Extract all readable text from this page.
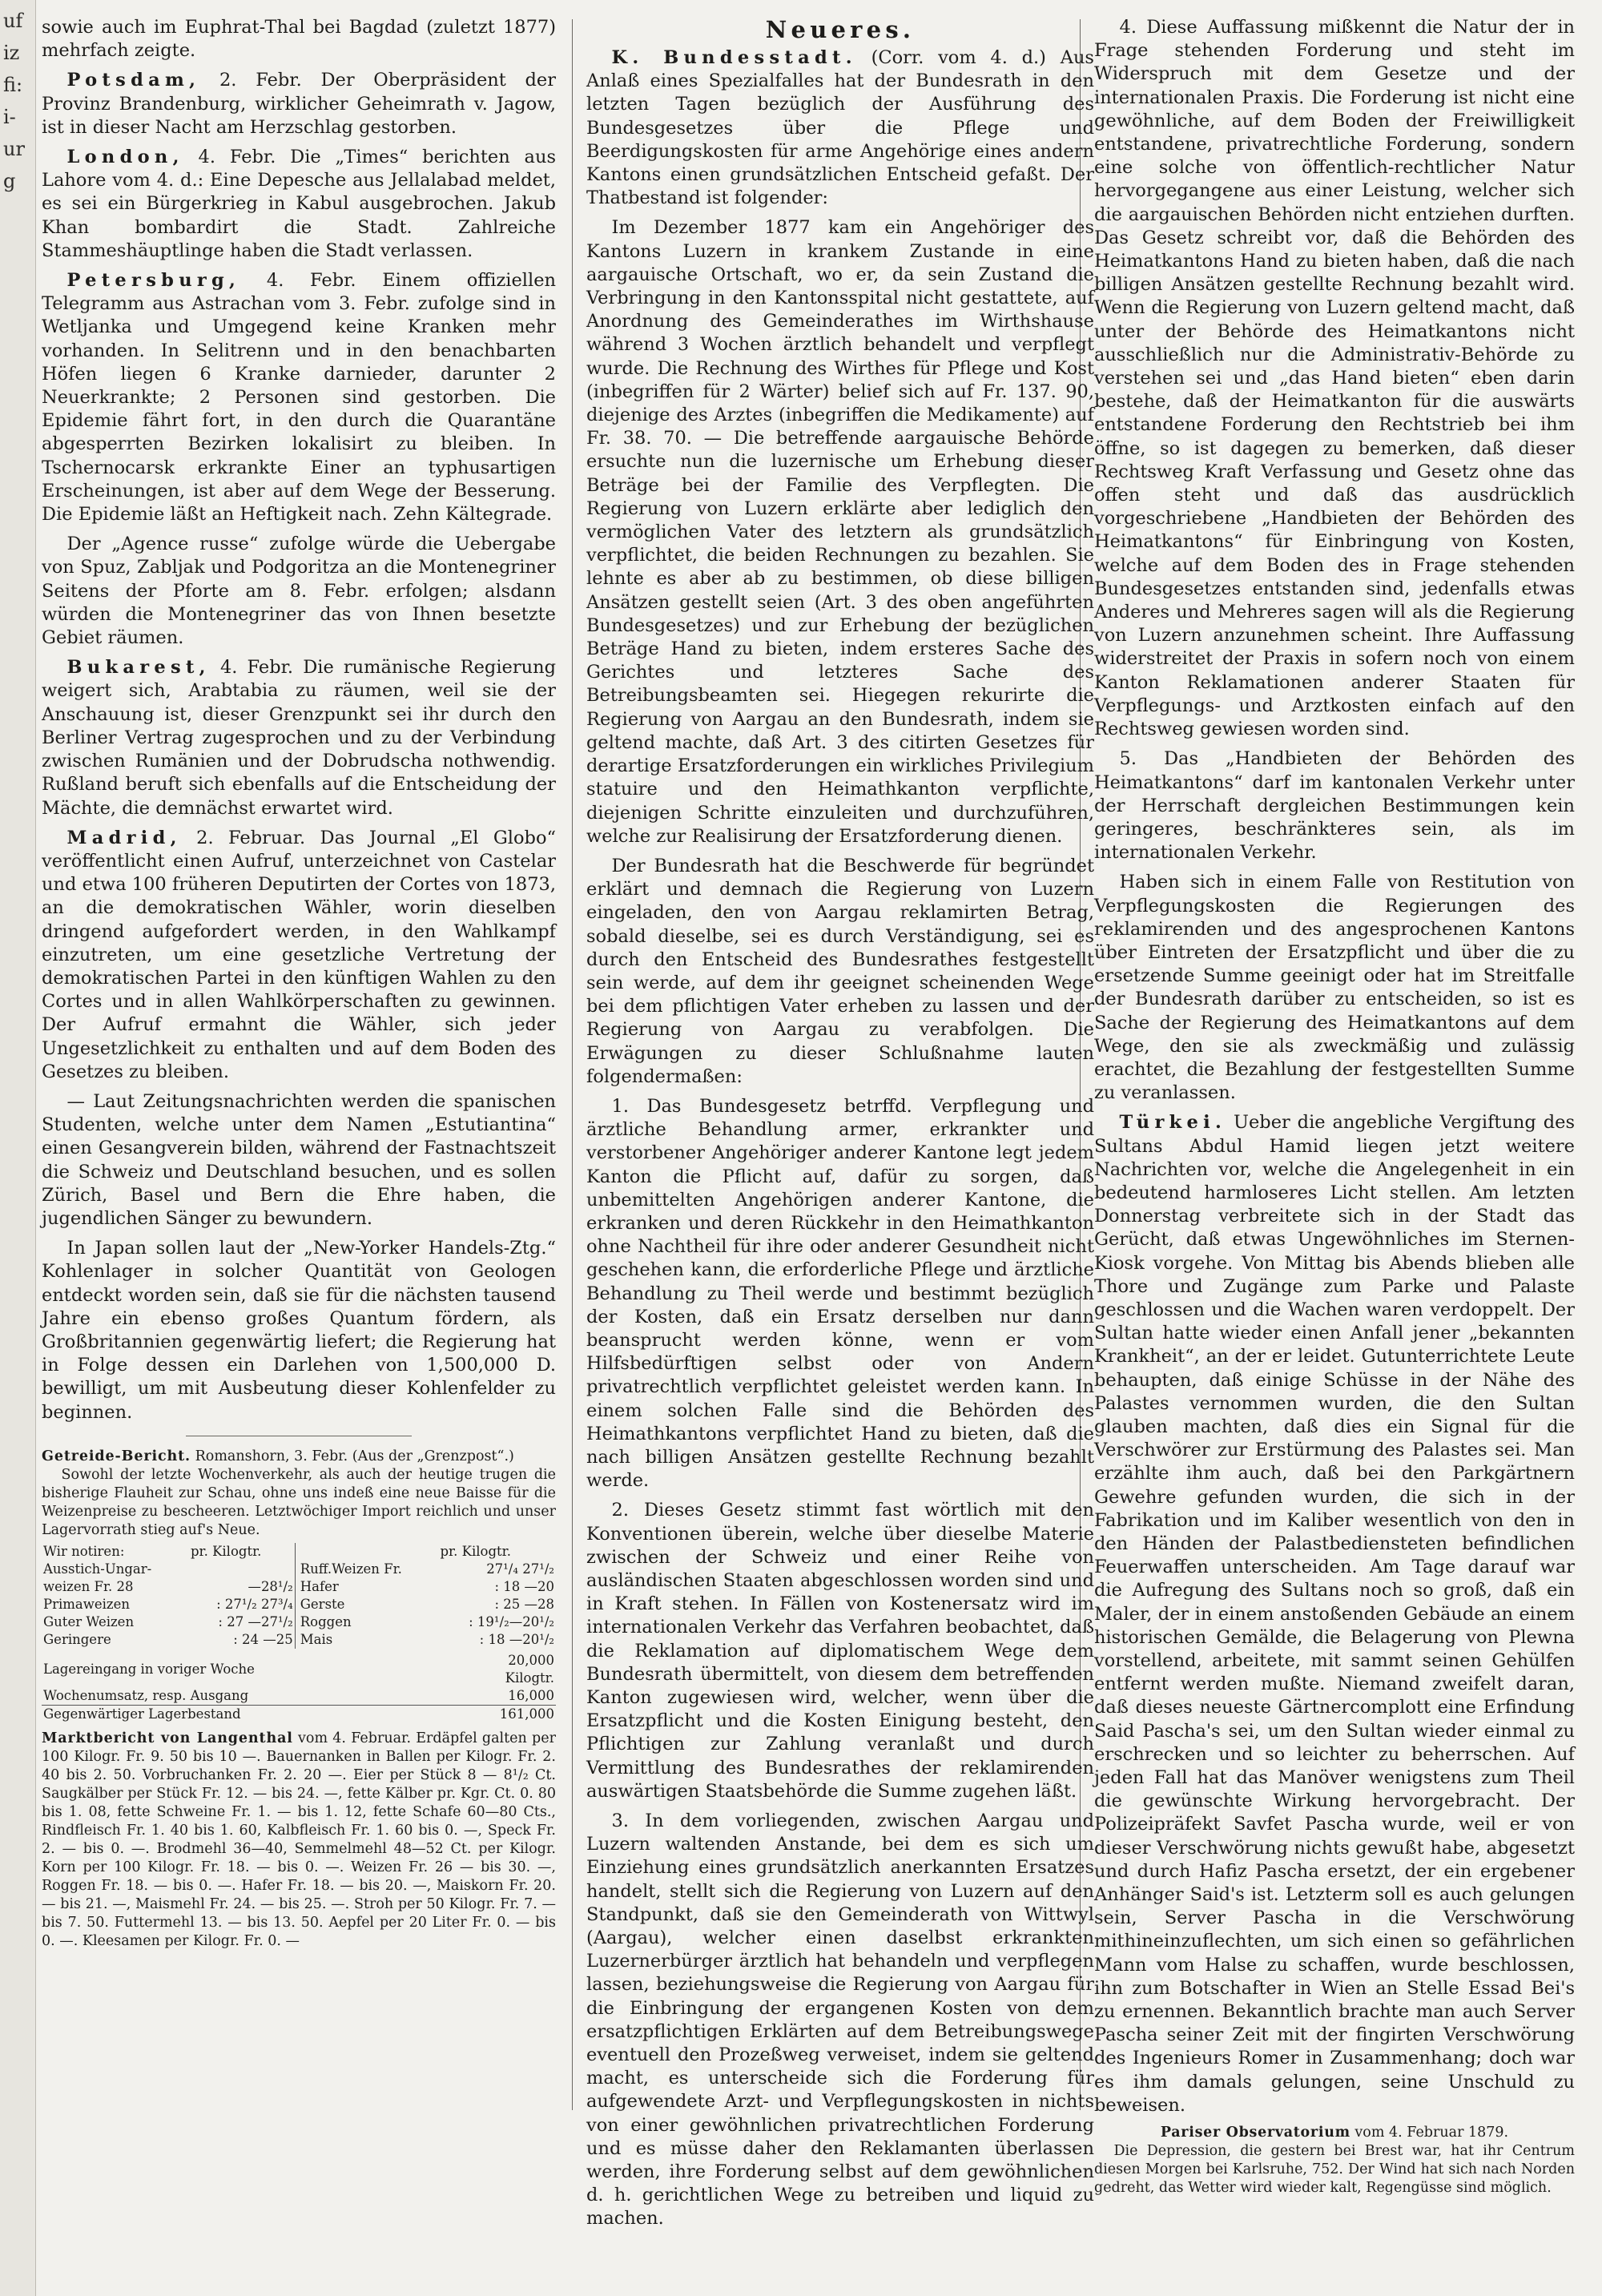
uf
iz
fi:
i-
ur
g

sowie auch im Euphrat-Thal bei Bagdad (zuletzt 1877) mehrfach zeigte.

Potsdam, 2. Febr. Der Oberpräsident der Provinz Brandenburg, wirklicher Geheimrath v. Jagow, ist in dieser Nacht am Herzschlag gestorben.

London, 4. Febr. Die „Times“ berichten aus Lahore vom 4. d.: Eine Depesche aus Jellalabad meldet, es sei ein Bürgerkrieg in Kabul ausgebrochen. Jakub Khan bombardirt die Stadt. Zahlreiche Stammeshäuptlinge haben die Stadt verlassen.

Petersburg, 4. Febr. Einem offiziellen Telegramm aus Astrachan vom 3. Febr. zufolge sind in Wetljanka und Umgegend keine Kranken mehr vorhanden. In Selitrenn und in den benachbarten Höfen liegen 6 Kranke darnieder, darunter 2 Neuerkrankte; 2 Personen sind gestorben. Die Epidemie fährt fort, in den durch die Quarantäne abgesperrten Bezirken lokalisirt zu bleiben. In Tschernocarsk erkrankte Einer an typhusartigen Erscheinungen, ist aber auf dem Wege der Besserung. Die Epidemie läßt an Heftigkeit nach. Zehn Kältegrade.

Der „Agence russe“ zufolge würde die Uebergabe von Spuz, Zabljak und Podgoritza an die Montenegriner Seitens der Pforte am 8. Febr. erfolgen; alsdann würden die Montenegriner das von Ihnen besetzte Gebiet räumen.

Bukarest, 4. Febr. Die rumänische Regierung weigert sich, Arabtabia zu räumen, weil sie der Anschauung ist, dieser Grenzpunkt sei ihr durch den Berliner Vertrag zugesprochen und zu der Verbindung zwischen Rumänien und der Dobrudscha nothwendig. Rußland beruft sich ebenfalls auf die Entscheidung der Mächte, die demnächst erwartet wird.

Madrid, 2. Februar. Das Journal „El Globo“ veröffentlicht einen Aufruf, unterzeichnet von Castelar und etwa 100 früheren Deputirten der Cortes von 1873, an die demokratischen Wähler, worin dieselben dringend aufgefordert werden, in den Wahlkampf einzutreten, um eine gesetzliche Vertretung der demokratischen Partei in den künftigen Wahlen zu den Cortes und in allen Wahlkörperschaften zu gewinnen. Der Aufruf ermahnt die Wähler, sich jeder Ungesetzlichkeit zu enthalten und auf dem Boden des Gesetzes zu bleiben.

— Laut Zeitungsnachrichten werden die spanischen Studenten, welche unter dem Namen „Estutiantina“ einen Gesangverein bilden, während der Fastnachtszeit die Schweiz und Deutschland besuchen, und es sollen Zürich, Basel und Bern die Ehre haben, die jugendlichen Sänger zu bewundern.

In Japan sollen laut der „New-Yorker Handels-Ztg.“ Kohlenlager in solcher Quantität von Geologen entdeckt worden sein, daß sie für die nächsten tausend Jahre ein ebenso großes Quantum fördern, als Großbritannien gegenwärtig liefert; die Regierung hat in Folge dessen ein Darlehen von 1,500,000 D. bewilligt, um mit Ausbeutung dieser Kohlenfelder zu beginnen.

Getreide-Bericht. Romanshorn, 3. Febr. (Aus der „Grenzpost“.)

Sowohl der letzte Wochenverkehr, als auch der heutige trugen die bisherige Flauheit zur Schau, ohne uns indeß eine neue Baisse für die Weizenpreise zu bescheeren. Letztwöchiger Import reichlich und unser Lagervorrath stieg auf's Neue.

Wir notiren:	pr. Kilogtr.		pr. Kilogtr.
Ausstich-Ungar-		Ruff.Weizen Fr.	27¹/₄ 27¹/₂
weizen Fr. 28	—28¹/₂	Hafer	: 18 —20
Primaweizen	: 27¹/₂ 27³/₄	Gerste	: 25 —28
Guter Weizen	: 27 —27¹/₂	Roggen	: 19¹/₂—20¹/₂
Geringere	: 24 —25	Mais	: 18 —20¹/₂
Lagereingang in voriger Woche	20,000 Kilogtr.
Wochenumsatz, resp. Ausgang	16,000
Gegenwärtiger Lagerbestand	161,000

Marktbericht von Langenthal vom 4. Februar. Erdäpfel galten per 100 Kilogr. Fr. 9. 50 bis 10 —. Bauernanken in Ballen per Kilogr. Fr. 2. 40 bis 2. 50. Vorbruchanken Fr. 2. 20 —. Eier per Stück 8 — 8¹/₂ Ct. Saugkälber per Stück Fr. 12. — bis 24. —, fette Kälber pr. Kgr. Ct. 0. 80 bis 1. 08, fette Schweine Fr. 1. — bis 1. 12, fette Schafe 60—80 Cts., Rindfleisch Fr. 1. 40 bis 1. 60, Kalbfleisch Fr. 1. 60 bis 0. —, Speck Fr. 2. — bis 0. —. Brodmehl 36—40, Semmelmehl 48—52 Ct. per Kilogr. Korn per 100 Kilogr. Fr. 18. — bis 0. —. Weizen Fr. 26 — bis 30. —, Roggen Fr. 18. — bis 0. —. Hafer Fr. 18. — bis 20. —, Maiskorn Fr. 20. — bis 21. —, Maismehl Fr. 24. — bis 25. —. Stroh per 50 Kilogr. Fr. 7. — bis 7. 50. Futtermehl 13. — bis 13. 50. Aepfel per 20 Liter Fr. 0. — bis 0. —. Kleesamen per Kilogr. Fr. 0. —

Neueres.

K. Bundesstadt. (Corr. vom 4. d.) Aus Anlaß eines Spezialfalles hat der Bundesrath in den letzten Tagen bezüglich der Ausführung des Bundesgesetzes über die Pflege und Beerdigungskosten für arme Angehörige eines andern Kantons einen grundsätzlichen Entscheid gefaßt. Der Thatbestand ist folgender:

Im Dezember 1877 kam ein Angehöriger des Kantons Luzern in krankem Zustande in eine aargauische Ortschaft, wo er, da sein Zustand die Verbringung in den Kantonsspital nicht gestattete, auf Anordnung des Gemeinderathes im Wirthshause während 3 Wochen ärztlich behandelt und verpflegt wurde. Die Rechnung des Wirthes für Pflege und Kost (inbegriffen für 2 Wärter) belief sich auf Fr. 137. 90, diejenige des Arztes (inbegriffen die Medikamente) auf Fr. 38. 70. — Die betreffende aargauische Behörde ersuchte nun die luzernische um Erhebung dieser Beträge bei der Familie des Verpflegten. Die Regierung von Luzern erklärte aber lediglich den vermöglichen Vater des letztern als grundsätzlich verpflichtet, die beiden Rechnungen zu bezahlen. Sie lehnte es aber ab zu bestimmen, ob diese billigen Ansätzen gestellt seien (Art. 3 des oben angeführten Bundesgesetzes) und zur Erhebung der bezüglichen Beträge Hand zu bieten, indem ersteres Sache des Gerichtes und letzteres Sache des Betreibungsbeamten sei. Hiegegen rekurirte die Regierung von Aargau an den Bundesrath, indem sie geltend machte, daß Art. 3 des citirten Gesetzes für derartige Ersatzforderungen ein wirkliches Privilegium statuire und den Heimathkanton verpflichte, diejenigen Schritte einzuleiten und durchzuführen, welche zur Realisirung der Ersatzforderung dienen.

Der Bundesrath hat die Beschwerde für begründet erklärt und demnach die Regierung von Luzern eingeladen, den von Aargau reklamirten Betrag, sobald dieselbe, sei es durch Verständigung, sei es durch den Entscheid des Bundesrathes festgestellt sein werde, auf dem ihr geeignet scheinenden Wege bei dem pflichtigen Vater erheben zu lassen und der Regierung von Aargau zu verabfolgen. Die Erwägungen zu dieser Schlußnahme lauten folgendermaßen:

1. Das Bundesgesetz betrffd. Verpflegung und ärztliche Behandlung armer, erkrankter und verstorbener Angehöriger anderer Kantone legt jedem Kanton die Pflicht auf, dafür zu sorgen, daß unbemittelten Angehörigen anderer Kantone, die erkranken und deren Rückkehr in den Heimathkanton ohne Nachtheil für ihre oder anderer Gesundheit nicht geschehen kann, die erforderliche Pflege und ärztliche Behandlung zu Theil werde und bestimmt bezüglich der Kosten, daß ein Ersatz derselben nur dann beansprucht werden könne, wenn er vom Hilfsbedürftigen selbst oder von Andern privatrechtlich verpflichtet geleistet werden kann. In einem solchen Falle sind die Behörden des Heimathkantons verpflichtet Hand zu bieten, daß die nach billigen Ansätzen gestellte Rechnung bezahlt werde.

2. Dieses Gesetz stimmt fast wörtlich mit den Konventionen überein, welche über dieselbe Materie zwischen der Schweiz und einer Reihe von ausländischen Staaten abgeschlossen worden sind und in Kraft stehen. In Fällen von Kostenersatz wird im internationalen Verkehr das Verfahren beobachtet, daß die Reklamation auf diplomatischem Wege dem Bundesrath übermittelt, von diesem dem betreffenden Kanton zugewiesen wird, welcher, wenn über die Ersatzpflicht und die Kosten Einigung besteht, den Pflichtigen zur Zahlung veranlaßt und durch Vermittlung des Bundesrathes der reklamirenden auswärtigen Staatsbehörde die Summe zugehen läßt.

3. In dem vorliegenden, zwischen Aargau und Luzern waltenden Anstande, bei dem es sich um Einziehung eines grundsätzlich anerkannten Ersatzes handelt, stellt sich die Regierung von Luzern auf den Standpunkt, daß sie den Gemeinderath von Wittwyl (Aargau), welcher einen daselbst erkrankten Luzernerbürger ärztlich hat behandeln und verpflegen lassen, beziehungsweise die Regierung von Aargau für die Einbringung der ergangenen Kosten von dem ersatzpflichtigen Erklärten auf dem Betreibungswege eventuell den Prozeßweg verweiset, indem sie geltend macht, es unterscheide sich die Forderung für aufgewendete Arzt- und Verpflegungskosten in nichts von einer gewöhnlichen privatrechtlichen Forderung und es müsse daher den Reklamanten überlassen werden, ihre Forderung selbst auf dem gewöhnlichen d. h. gerichtlichen Wege zu betreiben und liquid zu machen.

4. Diese Auffassung mißkennt die Natur der in Frage stehenden Forderung und steht im Widerspruch mit dem Gesetze und der internationalen Praxis. Die Forderung ist nicht eine gewöhnliche, auf dem Boden der Freiwilligkeit entstandene, privatrechtliche Forderung, sondern eine solche von öffentlich-rechtlicher Natur hervorgegangene aus einer Leistung, welcher sich die aargauischen Behörden nicht entziehen durften. Das Gesetz schreibt vor, daß die Behörden des Heimatkantons Hand zu bieten haben, daß die nach billigen Ansätzen gestellte Rechnung bezahlt wird. Wenn die Regierung von Luzern geltend macht, daß unter der Behörde des Heimatkantons nicht ausschließlich nur die Administrativ-Behörde zu verstehen sei und „das Hand bieten“ eben darin bestehe, daß der Heimatkanton für die auswärts entstandene Forderung den Rechtstrieb bei ihm öffne, so ist dagegen zu bemerken, daß dieser Rechtsweg Kraft Verfassung und Gesetz ohne das offen steht und daß das ausdrücklich vorgeschriebene „Handbieten der Behörden des Heimatkantons“ für Einbringung von Kosten, welche auf dem Boden des in Frage stehenden Bundesgesetzes entstanden sind, jedenfalls etwas Anderes und Mehreres sagen will als die Regierung von Luzern anzunehmen scheint. Ihre Auffassung widerstreitet der Praxis in sofern noch von einem Kanton Reklamationen anderer Staaten für Verpflegungs- und Arztkosten einfach auf den Rechtsweg gewiesen worden sind.

5. Das „Handbieten der Behörden des Heimatkantons“ darf im kantonalen Verkehr unter der Herrschaft dergleichen Bestimmungen kein geringeres, beschränkteres sein, als im internationalen Verkehr.

Haben sich in einem Falle von Restitution von Verpflegungskosten die Regierungen des reklamirenden und des angesprochenen Kantons über Eintreten der Ersatzpflicht und über die zu ersetzende Summe geeinigt oder hat im Streitfalle der Bundesrath darüber zu entscheiden, so ist es Sache der Regierung des Heimatkantons auf dem Wege, den sie als zweckmäßig und zulässig erachtet, die Bezahlung der festgestellten Summe zu veranlassen.

Türkei. Ueber die angebliche Vergiftung des Sultans Abdul Hamid liegen jetzt weitere Nachrichten vor, welche die Angelegenheit in ein bedeutend harmloseres Licht stellen. Am letzten Donnerstag verbreitete sich in der Stadt das Gerücht, daß etwas Ungewöhnliches im Sternen-Kiosk vorgehe. Von Mittag bis Abends blieben alle Thore und Zugänge zum Parke und Palaste geschlossen und die Wachen waren verdoppelt. Der Sultan hatte wieder einen Anfall jener „bekannten Krankheit“, an der er leidet. Gutunterrichtete Leute behaupten, daß einige Schüsse in der Nähe des Palastes vernommen wurden, die den Sultan glauben machten, daß dies ein Signal für die Verschwörer zur Erstürmung des Palastes sei. Man erzählte ihm auch, daß bei den Parkgärtnern Gewehre gefunden wurden, die sich in der Fabrikation und im Kaliber wesentlich von den in den Händen der Palastbediensteten befindlichen Feuerwaffen unterscheiden. Am Tage darauf war die Aufregung des Sultans noch so groß, daß ein Maler, der in einem anstoßenden Gebäude an einem historischen Gemälde, die Belagerung von Plewna vorstellend, arbeitete, mit sammt seinen Gehülfen entfernt werden mußte. Niemand zweifelt daran, daß dieses neueste Gärtnercomplott eine Erfindung Said Pascha's sei, um den Sultan wieder einmal zu erschrecken und so leichter zu beherrschen. Auf jeden Fall hat das Manöver wenigstens zum Theil die gewünschte Wirkung hervorgebracht. Der Polizeipräfekt Savfet Pascha wurde, weil er von dieser Verschwörung nichts gewußt habe, abgesetzt und durch Hafiz Pascha ersetzt, der ein ergebener Anhänger Said's ist. Letzterm soll es auch gelungen sein, Server Pascha in die Verschwörung mithineinzuflechten, um sich einen so gefährlichen Mann vom Halse zu schaffen, wurde beschlossen, ihn zum Botschafter in Wien an Stelle Essad Bei's zu ernennen. Bekanntlich brachte man auch Server Pascha seiner Zeit mit der fingirten Verschwörung des Ingenieurs Romer in Zusammenhang; doch war es ihm damals gelungen, seine Unschuld zu beweisen.

Pariser Observatorium vom 4. Februar 1879.

Die Depression, die gestern bei Brest war, hat ihr Centrum diesen Morgen bei Karlsruhe, 752. Der Wind hat sich nach Norden gedreht, das Wetter wird wieder kalt, Regengüsse sind möglich.
